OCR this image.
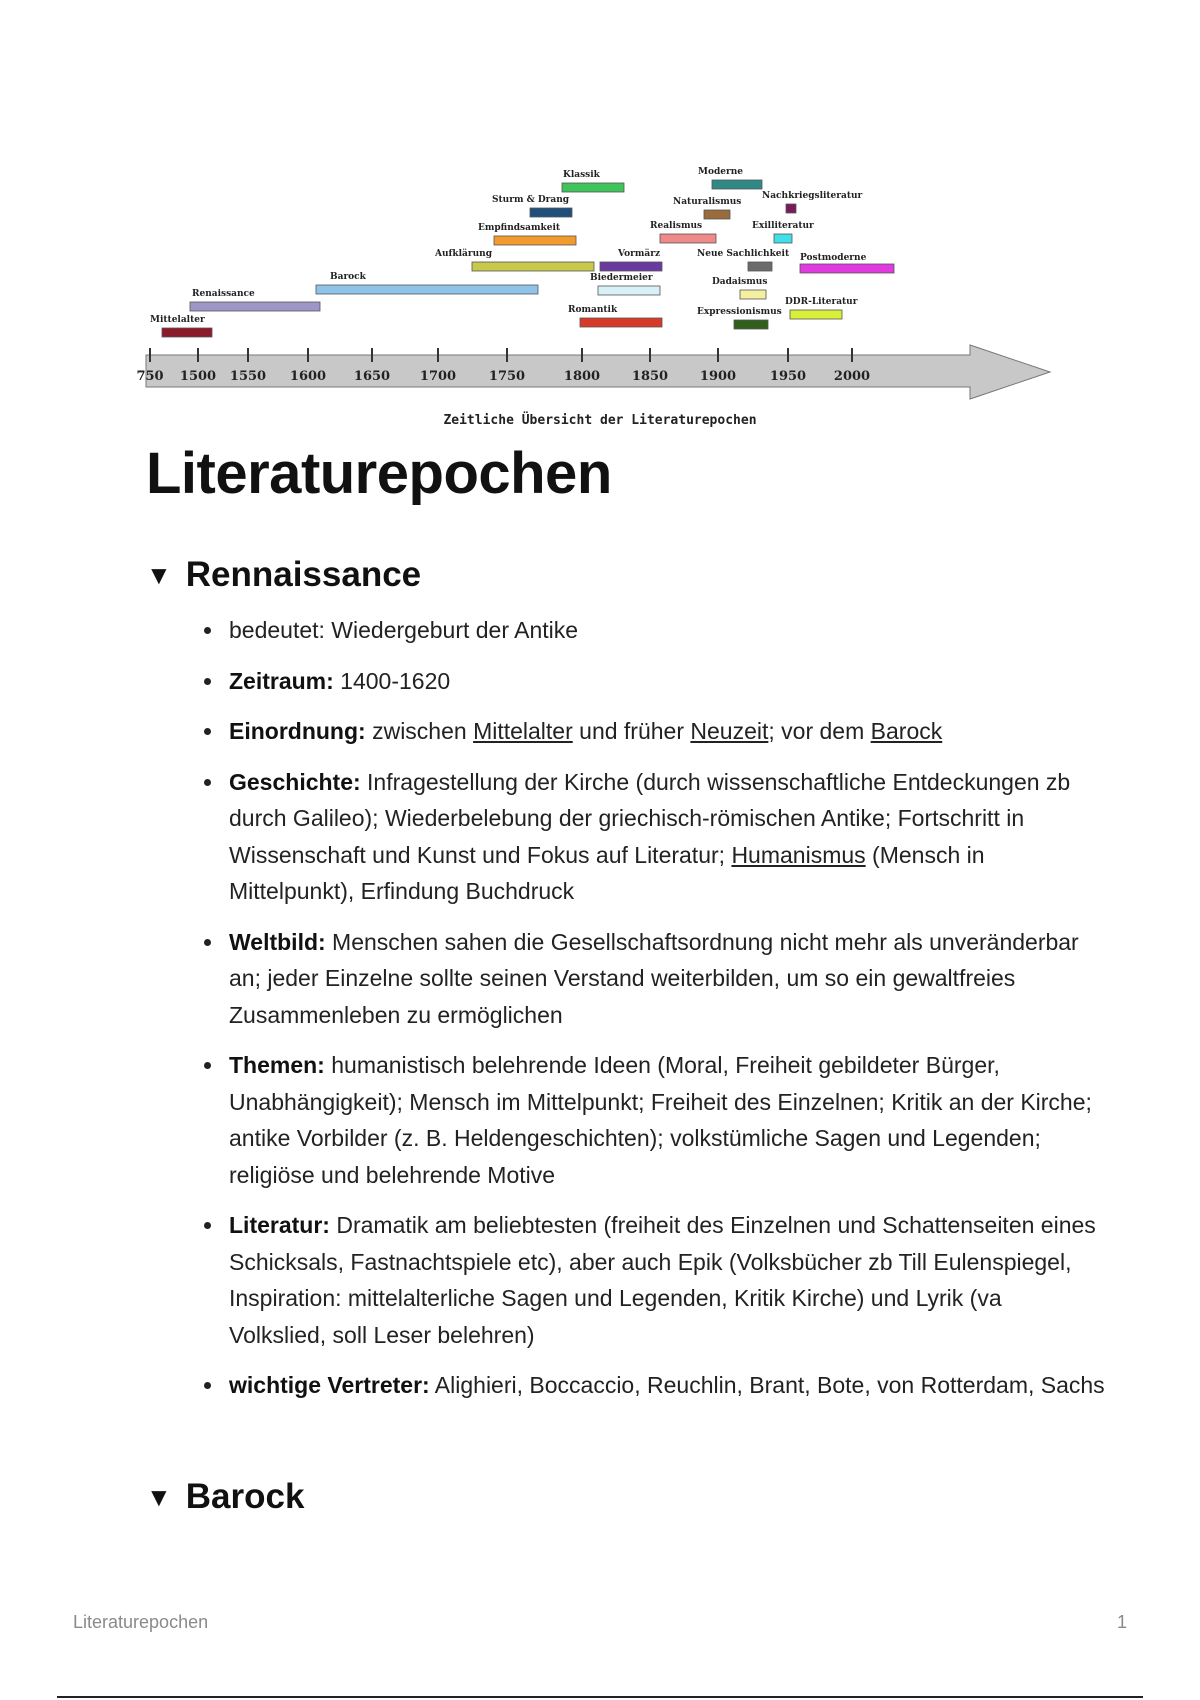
750 1500 1550 1600 1650 1700	1750	1800 1850 1900	1950 2000
Mittelalter
Renaissance
Barock
Aufklärung
Empfindsamkeit
Sturm & Drang
Klassik
Romantik
Biedermeier
Vormärz
Realismus
Naturalismus
Moderne
Neue Sachlichkeit
Dadaismus
Expressionismus
Nachkriegsliteratur
Exilliteratur
Postmoderne
DDR-Literatur
Zeitliche Übersicht der Literaturepochen
Literaturepochen
▼ Rennaissance
• bedeutet: Wiedergeburt der Antike
• Zeitraum: 1400-1620
• Einordnung: zwischen Mittelalter und früher Neuzeit; vor dem Barock
• Geschichte: Infragestellung der Kirche (durch wissenschaftliche Entdeckungen zb durch Galileo); Wiederbelebung der griechisch-römischen Antike; Fortschritt in Wissenschaft und Kunst und Fokus auf Literatur; Humanismus (Mensch in Mittelpunkt), Erfindung Buchdruck
• Weltbild: Menschen sahen die Gesellschaftsordnung nicht mehr als unveränderbar an; jeder Einzelne sollte seinen Verstand weiterbilden, um so ein gewaltfreies Zusammenleben zu ermöglichen
• Themen: humanistisch belehrende Ideen (Moral, Freiheit gebildeter Bürger, Unabhängigkeit); Mensch im Mittelpunkt; Freiheit des Einzelnen; Kritik an der Kirche; antike Vorbilder (z. B. Heldengeschichten); volkstümliche Sagen und Legenden; religiöse und belehrende Motive
• Literatur: Dramatik am beliebtesten (freiheit des Einzelnen und Schattenseiten eines Schicksals, Fastnachtspiele etc), aber auch Epik (Volksbücher zb Till Eulenspiegel, Inspiration: mittelalterliche Sagen und Legenden, Kritik Kirche) und Lyrik (va Volkslied, soll Leser belehren)
• wichtige Vertreter: Alighieri, Boccaccio, Reuchlin, Brant, Bote, von Rotterdam, Sachs
▼ Barock
Literaturepochen	1
